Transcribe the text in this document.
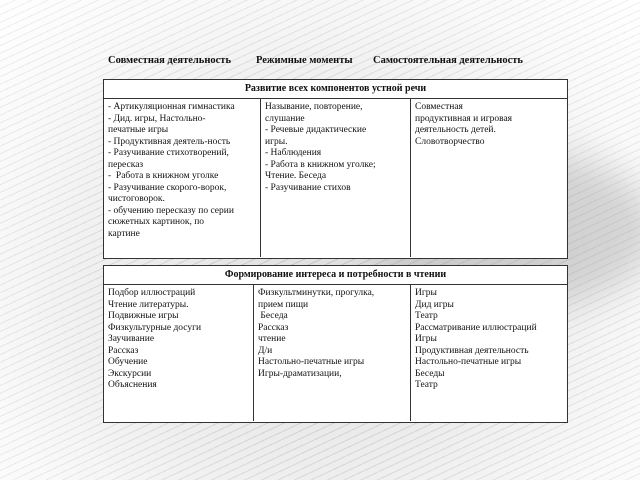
Совместная деятельность Режимные моменты Самостоятельная деятельность
Развитие всех компонентов устной речи
- Артикуляционная гимнастика
- Дид. игры, Настольно-
печатные игры
- Продуктивная деятель-ность
- Разучивание стихотворений,
пересказ
-  Работа в книжном уголке
- Разучивание скорого-ворок,
чистоговорок.
- обучению пересказу по серии
сюжетных картинок, по
картине
Называние, повторение,
слушание
- Речевые дидактические
игры.
- Наблюдения
- Работа в книжном уголке;
Чтение. Беседа
- Разучивание стихов
Совместная
продуктивная и игровая
деятельность детей.
Словотворчество
Формирование интереса и потребности в чтении
Подбор иллюстраций
Чтение литературы.
Подвижные игры
Физкультурные досуги
Заучивание
Рассказ
Обучение
Экскурсии
Объяснения
Физкультминутки, прогулка,
прием пищи
Беседа
Рассказ
чтение
Д/и
Настольно-печатные игры
Игры-драматизации,
Игры
Дид игры
Театр
Рассматривание иллюстраций
Игры
Продуктивная деятельность
Настольно-печатные игры
Беседы
Театр
